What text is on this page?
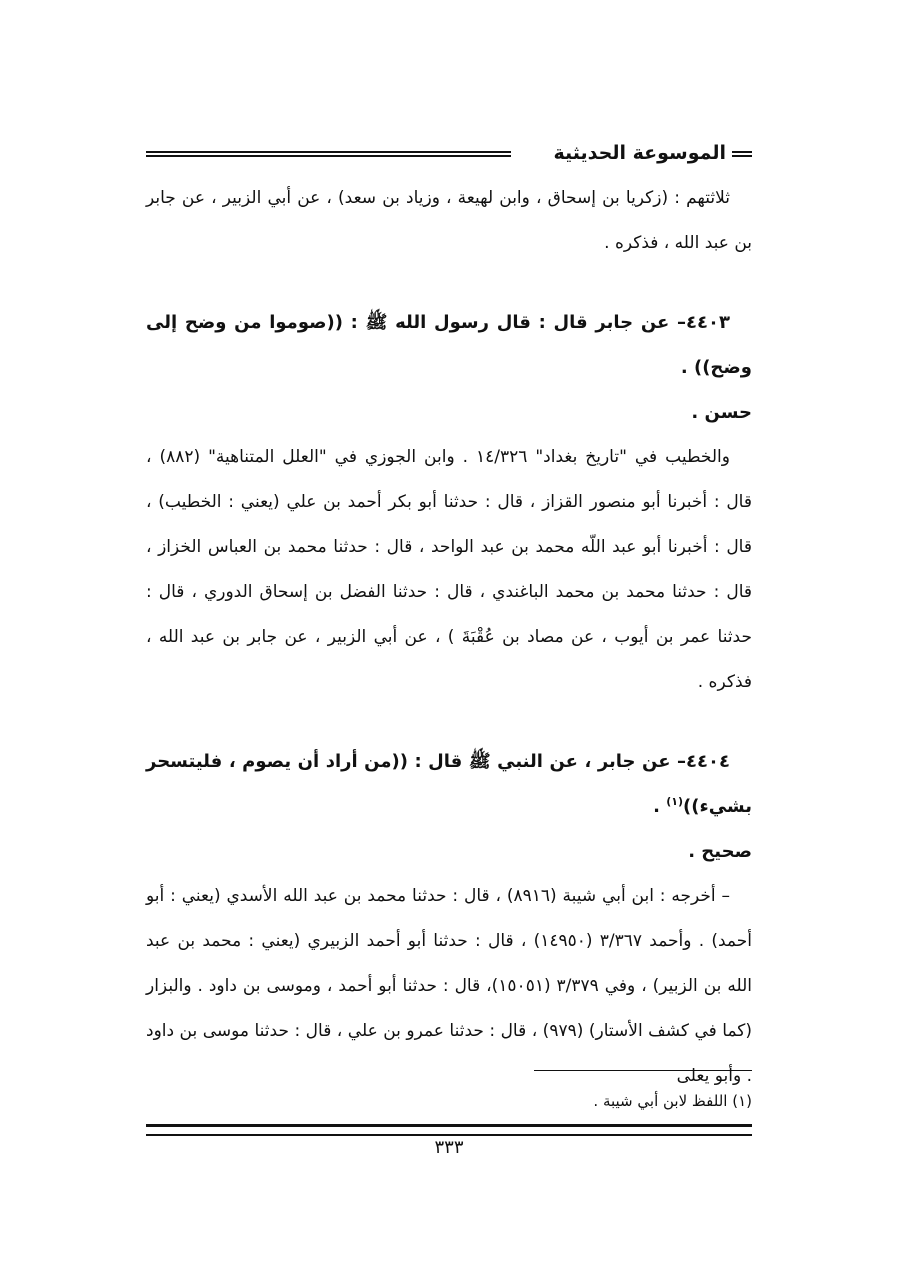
الموسوعة الحديثية

ثلاثتهم : (زكريا بن إسحاق ، وابن لهيعة ، وزياد بن سعد) ، عن أبي الزبير ، عن جابر بن عبد الله ، فذكره .

٤٤٠٣– عن جابر قال : قال رسول الله ﷺ : ((صوموا من وضح إلى وضح)) .

حسن .

والخطيب في "تاريخ بغداد" ١٤/٣٢٦ . وابن الجوزي في "العلل المتناهية" (٨٨٢) ، قال : أخبرنا أبو منصور القزاز ، قال : حدثنا أبو بكر أحمد بن علي (يعني : الخطيب) ، قال : أخبرنا أبو عبد اللّه محمد بن عبد الواحد ، قال : حدثنا محمد بن العباس الخزاز ، قال : حدثنا محمد بن محمد الباغندي ، قال : حدثنا الفضل بن إسحاق الدوري ، قال : حدثنا عمر بن أيوب ، عن مصاد بن عُقْبَةَ ) ، عن أبي الزبير ، عن جابر بن عبد الله ، فذكره .

٤٤٠٤– عن جابر ، عن النبي ﷺ قال : ((من أراد أن يصوم ، فليتسحر بشيء))$^{(١)}$ .

صحيح .

– أخرجه : ابن أبي شيبة (٨٩١٦) ، قال : حدثنا محمد بن عبد الله الأسدي (يعني : أبو أحمد) . وأحمد ٣/٣٦٧ (١٤٩٥٠) ، قال : حدثنا أبو أحمد الزبيري (يعني : محمد بن عبد الله بن الزبير) ، وفي ٣/٣٧٩ (١٥٠٥١)، قال : حدثنا أبو أحمد ، وموسى بن داود . والبزار (كما في كشف الأستار) (٩٧٩) ، قال : حدثنا عمرو بن علي ، قال : حدثنا موسى بن داود . وأبو يعلى

(١) اللفظ لابن أبي شيبة .
٣٣٣
